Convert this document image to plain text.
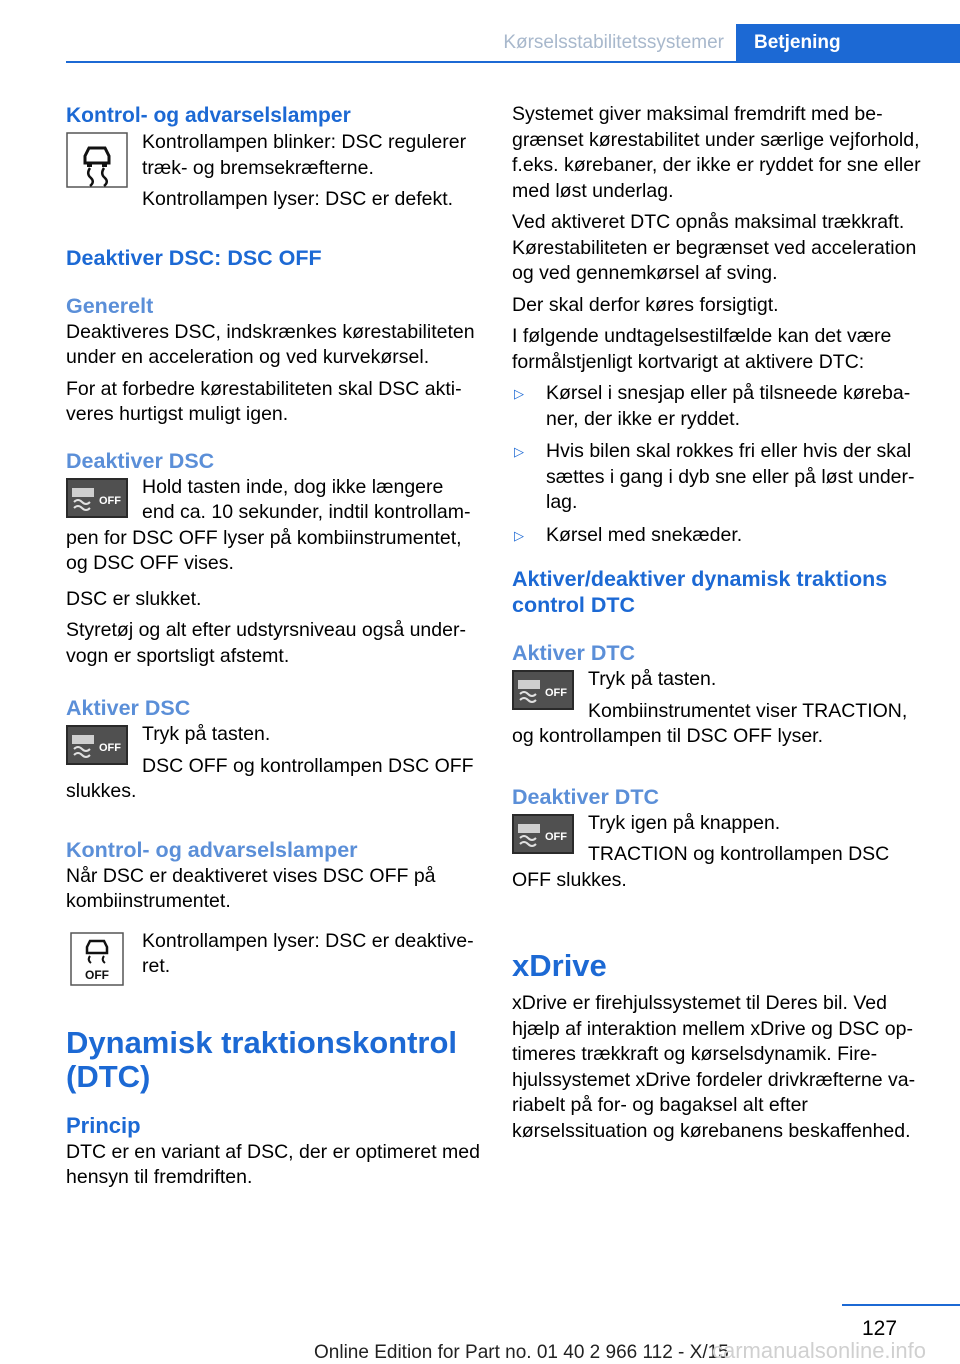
Kørselsstabilitetssystemer	Betjening
Kontrol- og advarselslamper

Kontrollampen blinker: DSC regulerer træk- og bremsekræfterne.

Kontrollampen lyser: DSC er defekt.

Deaktiver DSC: DSC OFF
Generelt

Deaktiveres DSC, indskrænkes kørestabiliteten under en acceleration og ved kurvekørsel.

For at forbedre kørestabiliteten skal DSC aktiveres hurtigst muligt igen.

Deaktiver DSC
OFF

Hold tasten inde, dog ikke længere end ca. 10 sekunder, indtil kontrollampen for DSC OFF lyser på kombiinstrumentet, og DSC OFF vises.

DSC er slukket.

Styretøj og alt efter udstyrsniveau også undervogn er sportsligt afstemt.

Aktiver DSC
OFF

Tryk på tasten.

DSC OFF og kontrollampen DSC OFF slukkes.

Kontrol- og advarselslamper

Når DSC er deaktiveret vises DSC OFF på kombiinstrumentet.

OFF

Kontrollampen lyser: DSC er deaktiveret.

Dynamisk traktionskontrol (DTC)
Princip

DTC er en variant af DSC, der er optimeret med hensyn til fremdriften.

Systemet giver maksimal fremdrift med begrænset kørestabilitet under særlige vejforhold, f.eks. kørebaner, der ikke er ryddet for sne eller med løst underlag.

Ved aktiveret DTC opnås maksimal trækkraft. Kørestabiliteten er begrænset ved acceleration og ved gennemkørsel af sving.

Der skal derfor køres forsigtigt.

I følgende undtagelsestilfælde kan det være formålstjenligt kortvarigt at aktivere DTC:

▷ Kørsel i snesjap eller på tilsneede kørebaner, der ikke er ryddet.
▷ Hvis bilen skal rokkes fri eller hvis der skal sættes i gang i dyb sne eller på løst underlag.
▷ Kørsel med snekæder.
Aktiver/deaktiver dynamisk traktions control DTC
Aktiver DTC
OFF

Tryk på tasten.

Kombiinstrumentet viser TRACTION, og kontrollampen til DSC OFF lyser.

Deaktiver DTC
OFF

Tryk igen på knappen.

TRACTION og kontrollampen DSC OFF slukkes.

xDrive

xDrive er firehjulssystemet til Deres bil. Ved hjælp af interaktion mellem xDrive og DSC optimeres trækkraft og kørselsdynamik. Firehjulssystemet xDrive fordeler drivkræfterne variabelt på for- og bagaksel alt efter kørselssituation og kørebanens beskaffenhed.

127
Online Edition for Part no. 01 40 2 966 112 - X/15
carmanualsonline.info
